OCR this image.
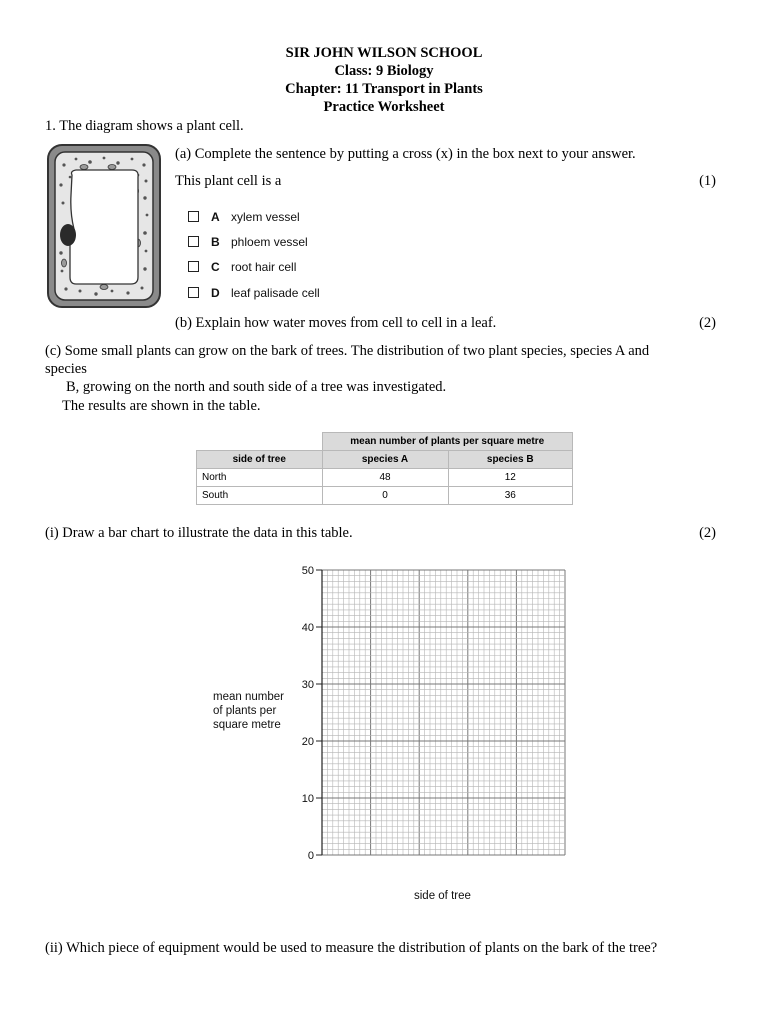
SIR JOHN WILSON SCHOOL
Class: 9 Biology
Chapter: 11 Transport in Plants
Practice Worksheet
1. The diagram shows a plant cell.
(a) Complete the sentence by putting a cross (x) in the box next to your answer.
This plant cell is a	(1)
A xylem vessel
B phloem vessel
C root hair cell
D leaf palisade cell
(b) Explain how water moves from cell to cell in a leaf.	(2)
(c) Some small plants can grow on the bark of trees. The distribution of two plant species, species A and
species
B, growing on the north and south side of a tree was investigated.
The results are shown in the table.
	mean number of plants per square metre	
side of tree	species A	species B
North	48	12
South	0	36
(i) Draw a bar chart to illustrate the data in this table.	(2)
0
10
20
30
40
50
mean number
of plants per
square metre
side of tree
(ii) Which piece of equipment would be used to measure the distribution of plants on the bark of the tree?
